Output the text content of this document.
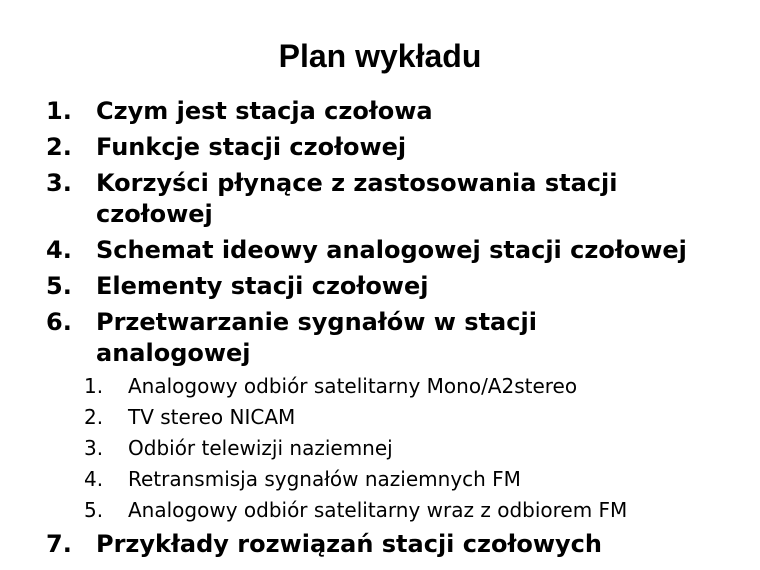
Plan wykładu
1. Czym jest stacja czołowa
2. Funkcje stacji czołowej
3. Korzyści płynące z zastosowania stacji czołowej
4. Schemat ideowy analogowej stacji czołowej
5. Elementy stacji czołowej
6. Przetwarzanie sygnałów w stacji analogowej
1. Analogowy odbiór satelitarny Mono/A2stereo
2. TV stereo NICAM
3. Odbiór telewizji naziemnej
4. Retransmisja sygnałów naziemnych FM
5. Analogowy odbiór satelitarny wraz z odbiorem FM
7. Przykłady rozwiązań stacji czołowych
